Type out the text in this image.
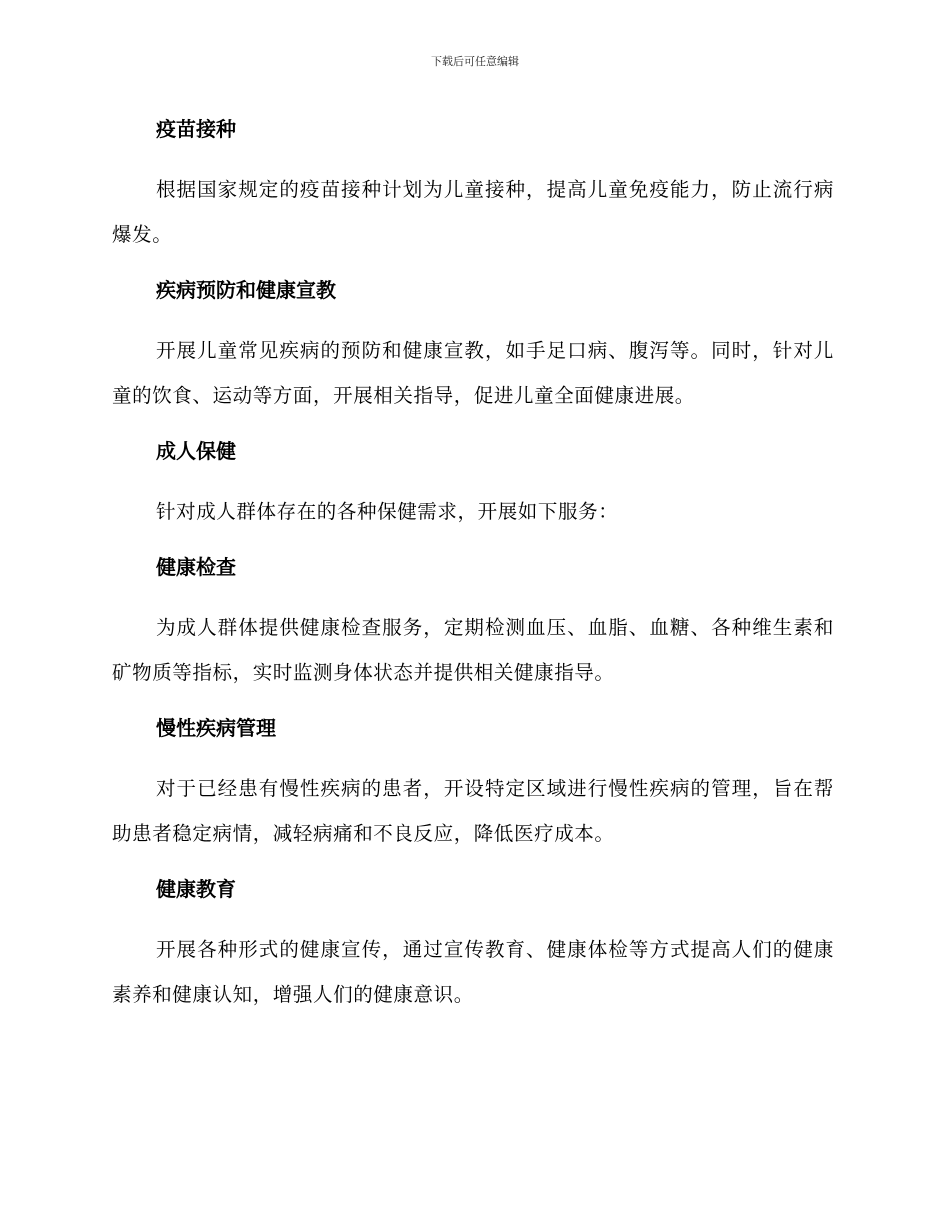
下载后可任意编辑
疫苗接种

根据国家规定的疫苗接种计划为儿童接种，提高儿童免疫能力，防止流行病爆发。

疾病预防和健康宣教

开展儿童常见疾病的预防和健康宣教，如手足口病、腹泻等。同时，针对儿童的饮食、运动等方面，开展相关指导，促进儿童全面健康进展。

成人保健

针对成人群体存在的各种保健需求，开展如下服务：

健康检查

为成人群体提供健康检查服务，定期检测血压、血脂、血糖、各种维生素和矿物质等指标，实时监测身体状态并提供相关健康指导。

慢性疾病管理

对于已经患有慢性疾病的患者，开设特定区域进行慢性疾病的管理，旨在帮助患者稳定病情，减轻病痛和不良反应，降低医疗成本。

健康教育

开展各种形式的健康宣传，通过宣传教育、健康体检等方式提高人们的健康素养和健康认知，增强人们的健康意识。
